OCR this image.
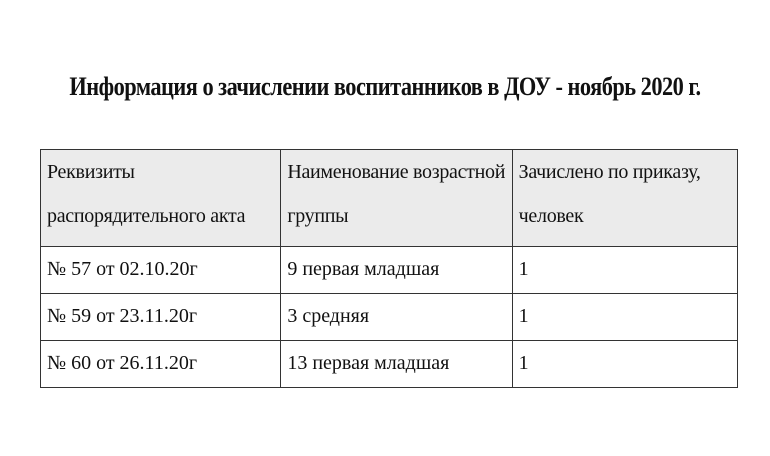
Информация о зачислении воспитанников в ДОУ - ноябрь 2020 г.
Реквизиты распорядительного акта	Наименование возрастной группы	Зачислено по приказу, человек

№ 57 от 02.10.20г	9 первая младшая	1
№ 59 от 23.11.20г	3 средняя	1
№ 60 от 26.11.20г	13 первая младшая	1
